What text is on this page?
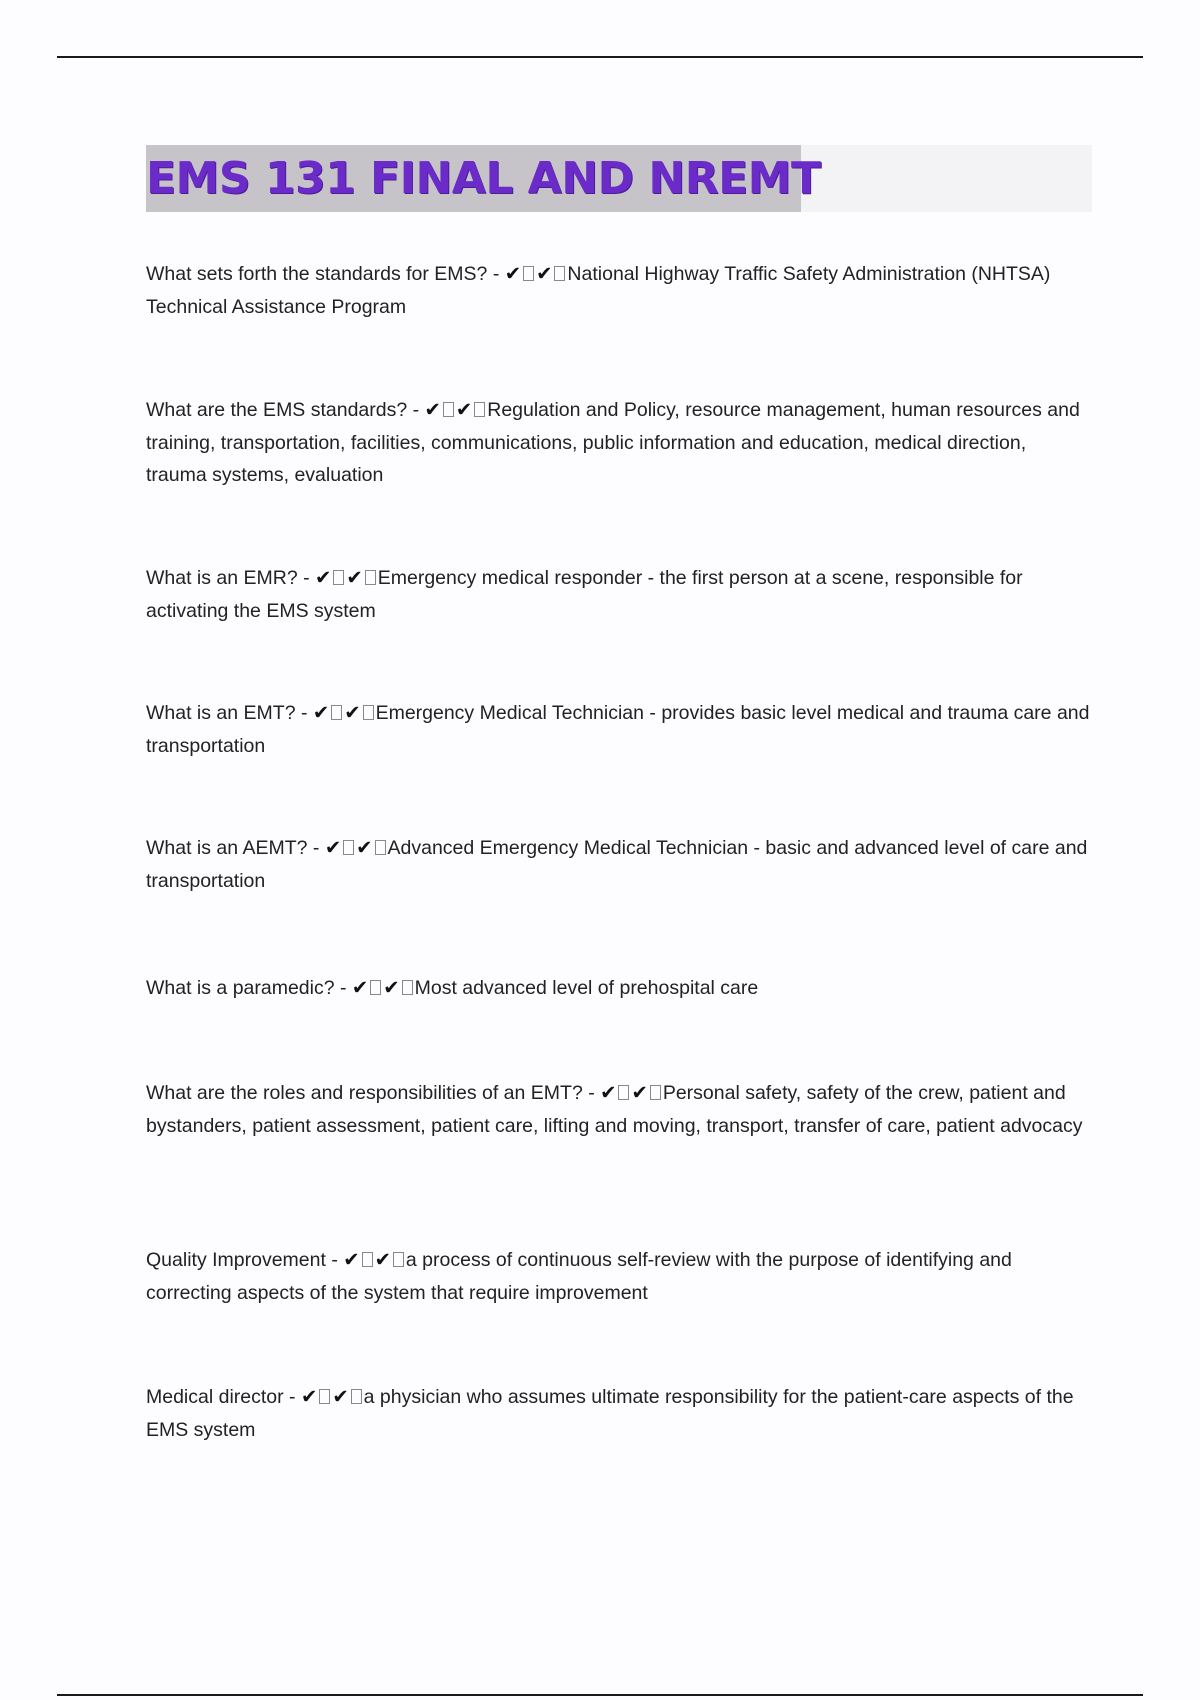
EMS 131 FINAL AND NREMT
What sets forth the standards for EMS? - ✔ ✔ National Highway Traffic Safety Administration (NHTSA) Technical Assistance Program
What are the EMS standards? - ✔ ✔ Regulation and Policy, resource management, human resources and training, transportation, facilities, communications, public information and education, medical direction, trauma systems, evaluation
What is an EMR? - ✔ ✔ Emergency medical responder - the first person at a scene, responsible for activating the EMS system
What is an EMT? - ✔ ✔ Emergency Medical Technician - provides basic level medical and trauma care and transportation
What is an AEMT? - ✔ ✔ Advanced Emergency Medical Technician - basic and advanced level of care and transportation
What is a paramedic? - ✔ ✔ Most advanced level of prehospital care
What are the roles and responsibilities of an EMT? - ✔ ✔ Personal safety, safety of the crew, patient and bystanders, patient assessment, patient care, lifting and moving, transport, transfer of care, patient advocacy
Quality Improvement - ✔ ✔ a process of continuous self-review with the purpose of identifying and correcting aspects of the system that require improvement
Medical director - ✔ ✔ a physician who assumes ultimate responsibility for the patient-care aspects of the EMS system
